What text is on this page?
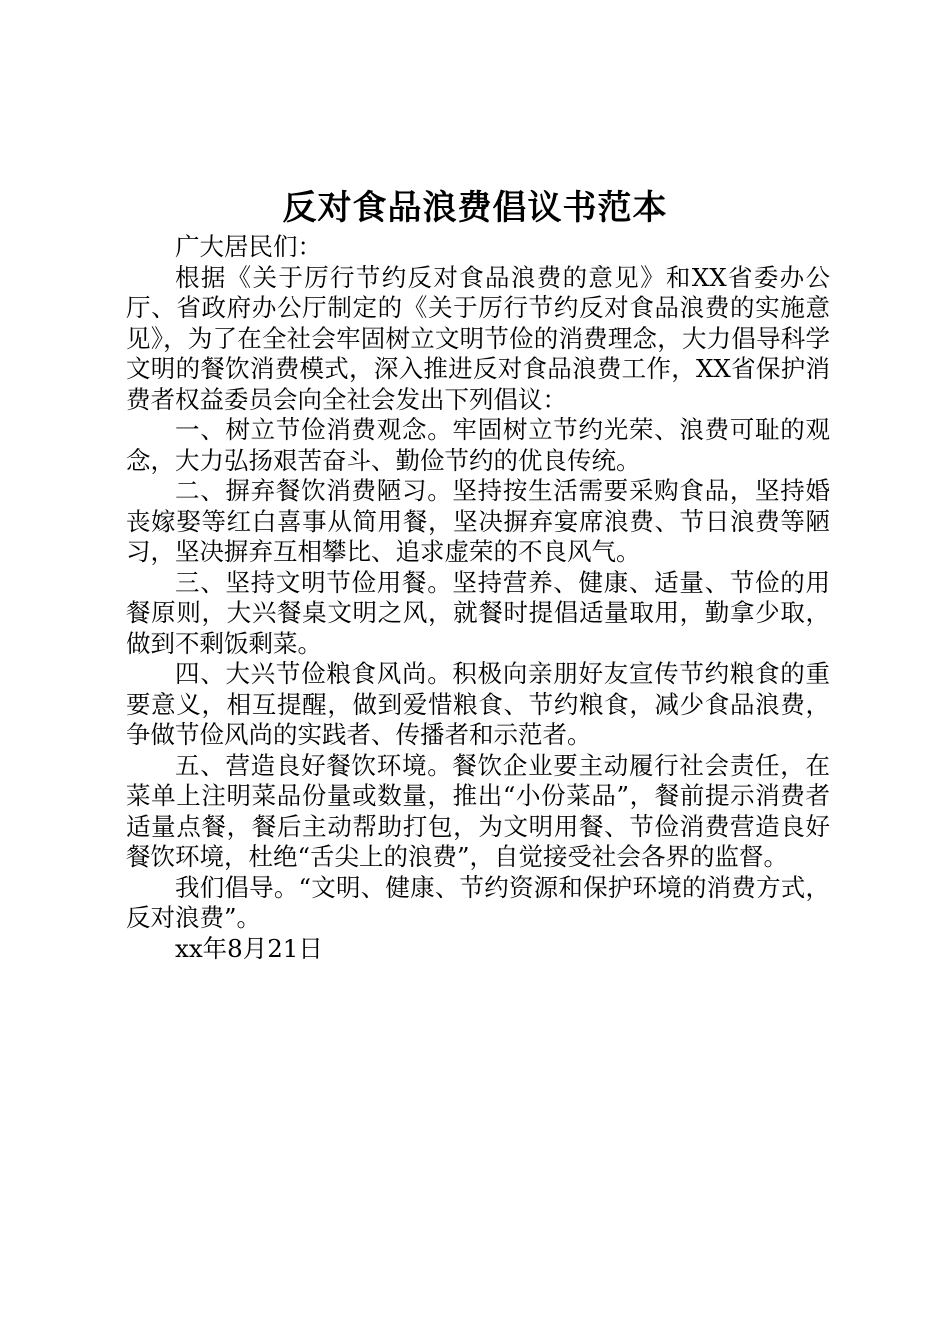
反对食品浪费倡议书范本

广大居民们：

根据《关于厉行节约反对食品浪费的意见》和XX省委办公厅、省政府办公厅制定的《关于厉行节约反对食品浪费的实施意见》，为了在全社会牢固树立文明节俭的消费理念，大力倡导科学文明的餐饮消费模式，深入推进反对食品浪费工作，XX省保护消费者权益委员会向全社会发出下列倡议：

一、树立节俭消费观念。牢固树立节约光荣、浪费可耻的观念，大力弘扬艰苦奋斗、勤俭节约的优良传统。

二、摒弃餐饮消费陋习。坚持按生活需要采购食品，坚持婚丧嫁娶等红白喜事从简用餐，坚决摒弃宴席浪费、节日浪费等陋习，坚决摒弃互相攀比、追求虚荣的不良风气。

三、坚持文明节俭用餐。坚持营养、健康、适量、节俭的用餐原则，大兴餐桌文明之风，就餐时提倡适量取用，勤拿少取，做到不剩饭剩菜。

四、大兴节俭粮食风尚。积极向亲朋好友宣传节约粮食的重要意义，相互提醒，做到爱惜粮食、节约粮食，减少食品浪费，争做节俭风尚的实践者、传播者和示范者。

五、营造良好餐饮环境。餐饮企业要主动履行社会责任，在菜单上注明菜品份量或数量，推出“小份菜品”，餐前提示消费者适量点餐，餐后主动帮助打包，为文明用餐、节俭消费营造良好餐饮环境，杜绝“舌尖上的浪费”，自觉接受社会各界的监督。

我们倡导。“文明、健康、节约资源和保护环境的消费方式，反对浪费”。

xx年8月21日
